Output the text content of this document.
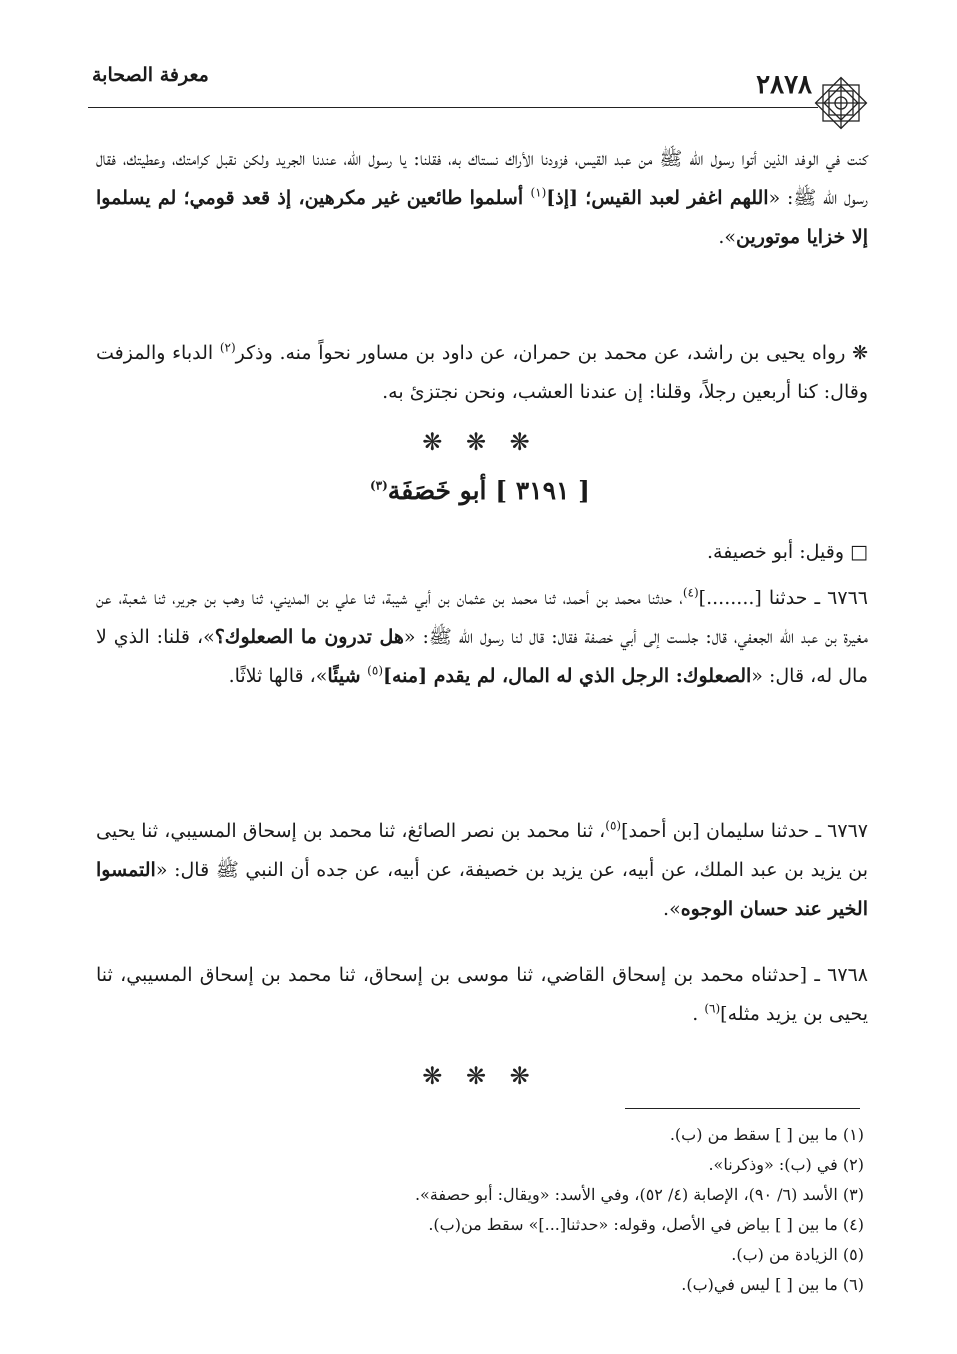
معرفة الصحابة	٢٨٧٨
كنت في الوفد الذين أتوا رسول الله ﷺ من عبد القيس، فزودنا الأراك نستاك به، فقلنا: يا رسول الله، عندنا الجريد ولكن نقبل كرامتك، وعطيتك، فقال رسول الله ﷺ: «اللهم اغفر لعبد القيس؛ [إذ]$^{(١)}$ أسلموا طائعين غير مكرهين، إذ قعد قومي؛ لم يسلموا إلا خزايا موتورين».
❋ رواه يحيى بن راشد، عن محمد بن حمران، عن داود بن مساور نحواً منه. وذكر$^{(٢)}$ الدباء والمزفت وقال: كنا أربعين رجلاً، وقلنا: إن عندنا العشب، ونحن نجتزئ به.
❋ ❋ ❋
[ ٣١٩١ ] أبو خَصَفَة$^{(٣)}$
□ وقيل: أبو خصيفة.
٦٧٦٦ ـ حدثنا [........]$^{(٤)}$، حدثنا محمد بن أحمد، ثنا محمد بن عثمان بن أبي شيبة، ثنا علي بن المديني، ثنا وهب بن جرير، ثنا شعبة، عن مغيرة بن عبد الله الجعفي، قال: جلست إلى أبي خصفة فقال: قال لنا رسول الله ﷺ: «هل تدرون ما الصعلوك؟»، قلنا: الذي لا مال له، قال: «الصعلوك: الرجل الذي له المال، لم يقدم [منه]$^{(٥)}$ شيئًا»، قالها ثلاثًا.
٦٧٦٧ ـ حدثنا سليمان [بن أحمد]$^{(٥)}$، ثنا محمد بن نصر الصائغ، ثنا محمد بن إسحاق المسيبي، ثنا يحيى بن يزيد بن عبد الملك، عن أبيه، عن يزيد بن خصيفة، عن أبيه، عن جده أن النبي ﷺ قال: «التمسوا الخير عند حسان الوجوه».
٦٧٦٨ ـ [حدثناه محمد بن إسحاق القاضي، ثنا موسى بن إسحاق، ثنا محمد بن إسحاق المسيبي، ثنا يحيى بن يزيد مثله]$^{(٦)}$ .
❋ ❋ ❋
(١) ما بين [ ] سقط من (ب).
(٢) في (ب): «وذكرنا».
(٣) الأسد (٦/ ٩٠)، الإصابة (٤/ ٥٢)، وفي الأسد: «ويقال: أبو حصفة».
(٤) ما بين [ ] بياض في الأصل، وقوله: «حدثنا[...]» سقط من(ب).
(٥) الزيادة من (ب).
(٦) ما بين [ ] ليس في(ب).
